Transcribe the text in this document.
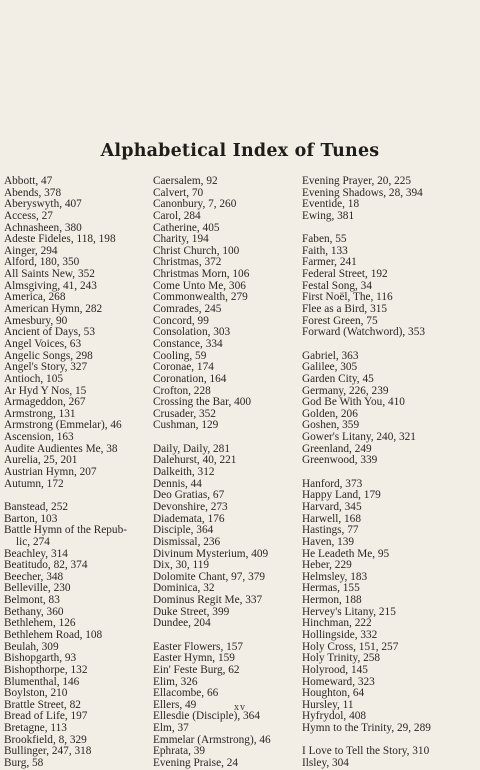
Alphabetical Index of Tunes
Abbott, 47
Abends, 378
Aberyswyth, 407
Access, 27
Achnasheen, 380
Adeste Fideles, 118, 198
Ainger, 294
Alford, 180, 350
All Saints New, 352
Almsgiving, 41, 243
America, 268
American Hymn, 282
Amesbury, 90
Ancient of Days, 53
Angel Voices, 63
Angelic Songs, 298
Angel's Story, 327
Antioch, 105
Ar Hyd Y Nos, 15
Armageddon, 267
Armstrong, 131
Armstrong (Emmelar), 46
Ascension, 163
Audite Audientes Me, 38
Aurelia, 25, 201
Austrian Hymn, 207
Autumn, 172
Banstead, 252
Barton, 103
Battle Hymn of the Repub-
lic, 274
Beachley, 314
Beatitudo, 82, 374
Beecher, 348
Belleville, 230
Belmont, 83
Bethany, 360
Bethlehem, 126
Bethlehem Road, 108
Beulah, 309
Bishopgarth, 93
Bishopthorpe, 132
Blumenthal, 146
Boylston, 210
Brattle Street, 82
Bread of Life, 197
Bretagne, 113
Brookfield, 8, 329
Bullinger, 247, 318
Burg, 58
Caersalem, 92
Calvert, 70
Canonbury, 7, 260
Carol, 284
Catherine, 405
Charity, 194
Christ Church, 100
Christmas, 372
Christmas Morn, 106
Come Unto Me, 306
Commonwealth, 279
Comrades, 245
Concord, 99
Consolation, 303
Constance, 334
Cooling, 59
Coronae, 174
Coronation, 164
Crofton, 228
Crossing the Bar, 400
Crusader, 352
Cushman, 129
Daily, Daily, 281
Dalehurst, 40, 221
Dalkeith, 312
Dennis, 44
Deo Gratias, 67
Devonshire, 273
Diademata, 176
Disciple, 364
Dismissal, 236
Divinum Mysterium, 409
Dix, 30, 119
Dolomite Chant, 97, 379
Dominica, 32
Dominus Regit Me, 337
Duke Street, 399
Dundee, 204
Easter Flowers, 157
Easter Hymn, 159
Ein' Feste Burg, 62
Elim, 326
Ellacombe, 66
Ellers, 49
Ellesdie (Disciple), 364
Elm, 37
Emmelar (Armstrong), 46
Ephrata, 39
Evening Praise, 24
Evening Prayer, 20, 225
Evening Shadows, 28, 394
Eventide, 18
Ewing, 381
Faben, 55
Faith, 133
Farmer, 241
Federal Street, 192
Festal Song, 34
First Noël, The, 116
Flee as a Bird, 315
Forest Green, 75
Forward (Watchword), 353
Gabriel, 363
Galilee, 305
Garden City, 45
Germany, 226, 239
God Be With You, 410
Golden, 206
Goshen, 359
Gower's Litany, 240, 321
Greenland, 249
Greenwood, 339
Hanford, 373
Happy Land, 179
Harvard, 345
Harwell, 168
Hastings, 77
Haven, 139
He Leadeth Me, 95
Heber, 229
Helmsley, 183
Hermas, 155
Hermon, 188
Hervey's Litany, 215
Hinchman, 222
Hollingside, 332
Holy Cross, 151, 257
Holy Trinity, 258
Holyrood, 145
Homeward, 323
Houghton, 64
Hursley, 11
Hyfrydol, 408
Hymn to the Trinity, 29, 289
I Love to Tell the Story, 310
Ilsley, 304
xv
